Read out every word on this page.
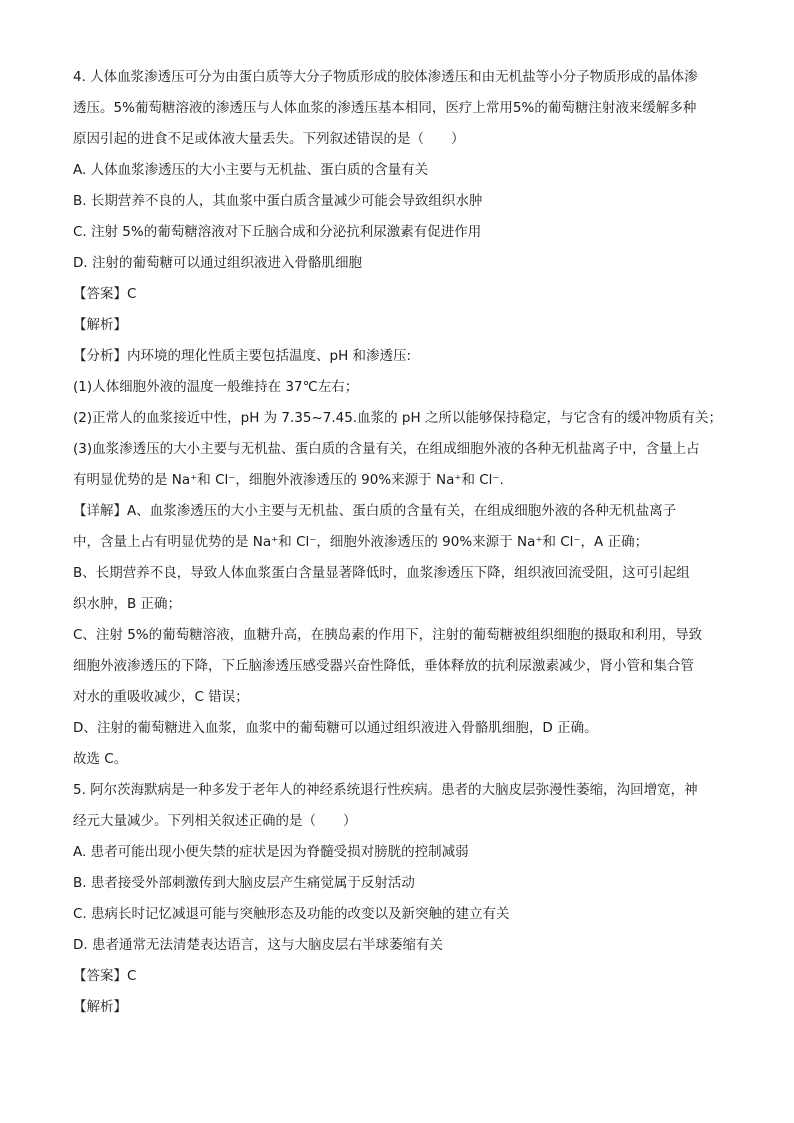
4. 人体血浆渗透压可分为由蛋白质等大分子物质形成的胶体渗透压和由无机盐等小分子物质形成的晶体渗
透压。5%葡萄糖溶液的渗透压与人体血浆的渗透压基本相同，医疗上常用5%的葡萄糖注射液来缓解多种
原因引起的进食不足或体液大量丢失。下列叙述错误的是（　　）
A. 人体血浆渗透压的大小主要与无机盐、蛋白质的含量有关
B. 长期营养不良的人，其血浆中蛋白质含量减少可能会导致组织水肿
C. 注射 5%的葡萄糖溶液对下丘脑合成和分泌抗利尿激素有促进作用
D. 注射的葡萄糖可以通过组织液进入骨骼肌细胞
【答案】C
【解析】
【分析】内环境的理化性质主要包括温度、pH 和渗透压:
(1)人体细胞外液的温度一般维持在 37℃左右；
(2)正常人的血浆接近中性，pH 为 7.35~7.45.血浆的 pH 之所以能够保持稳定，与它含有的缓冲物质有关；
(3)血浆渗透压的大小主要与无机盐、蛋白质的含量有关，在组成细胞外液的各种无机盐离子中，含量上占
有明显优势的是 Na⁺和 Cl⁻，细胞外液渗透压的 90%来源于 Na⁺和 Cl⁻.
【详解】A、血浆渗透压的大小主要与无机盐、蛋白质的含量有关，在组成细胞外液的各种无机盐离子
中，含量上占有明显优势的是 Na⁺和 Cl⁻，细胞外液渗透压的 90%来源于 Na⁺和 Cl⁻，A 正确；
B、长期营养不良，导致人体血浆蛋白含量显著降低时，血浆渗透压下降，组织液回流受阻，这可引起组
织水肿，B 正确；
C、注射 5%的葡萄糖溶液，血糖升高，在胰岛素的作用下，注射的葡萄糖被组织细胞的摄取和利用，导致
细胞外液渗透压的下降，下丘脑渗透压感受器兴奋性降低，垂体释放的抗利尿激素减少，肾小管和集合管
对水的重吸收减少，C 错误；
D、注射的葡萄糖进入血浆，血浆中的葡萄糖可以通过组织液进入骨骼肌细胞，D 正确。
故选 C。
5. 阿尔茨海默病是一种多发于老年人的神经系统退行性疾病。患者的大脑皮层弥漫性萎缩，沟回增宽，神
经元大量减少。下列相关叙述正确的是（　　）
A. 患者可能出现小便失禁的症状是因为脊髓受损对膀胱的控制减弱
B. 患者接受外部刺激传到大脑皮层产生痛觉属于反射活动
C. 患病长时记忆减退可能与突触形态及功能的改变以及新突触的建立有关
D. 患者通常无法清楚表达语言，这与大脑皮层右半球萎缩有关
【答案】C
【解析】
